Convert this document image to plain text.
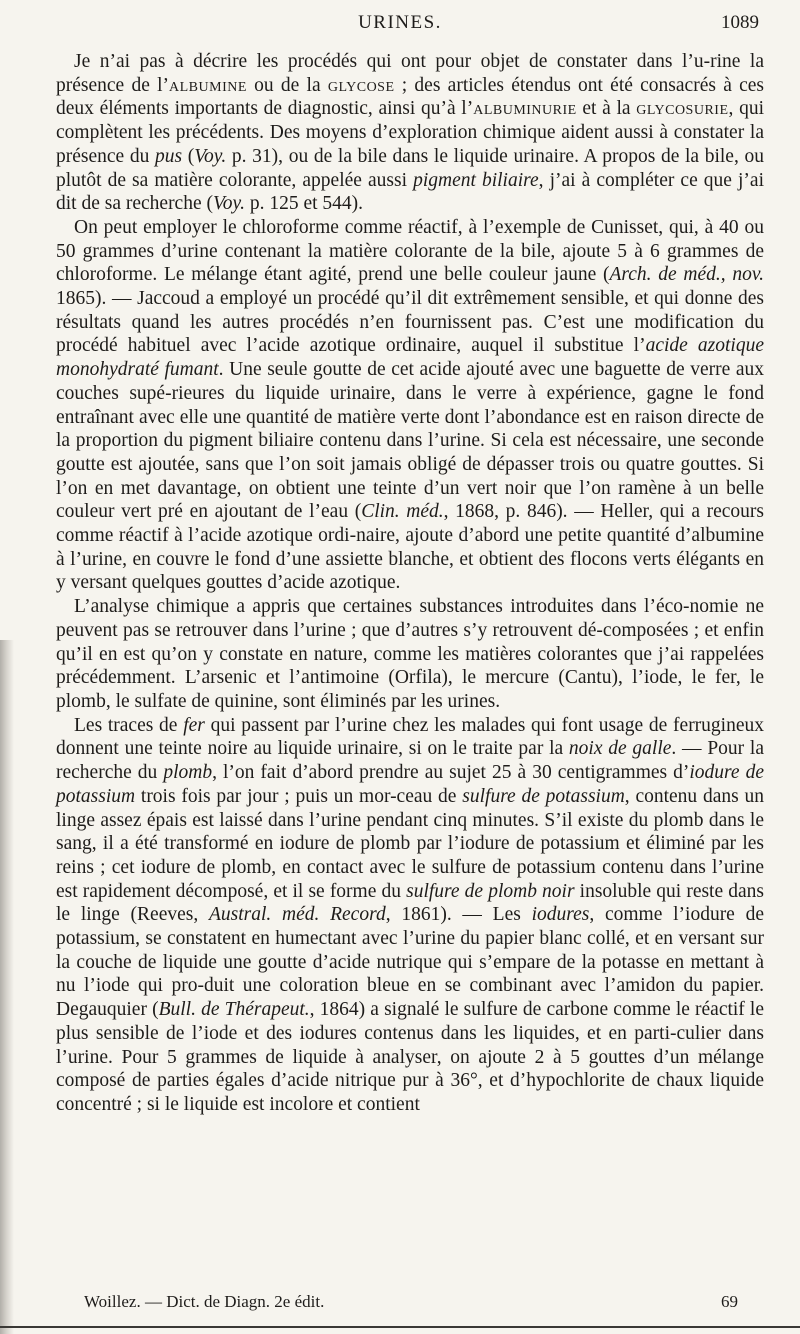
URINES.	1089

Je n’ai pas à décrire les procédés qui ont pour objet de constater dans l’u-rine la présence de l’albumine ou de la glycose ; des articles étendus ont été consacrés à ces deux éléments importants de diagnostic, ainsi qu’à l’albuminurie et à la glycosurie, qui complètent les précédents. Des moyens d’exploration chimique aident aussi à constater la présence du pus (Voy. p. 31), ou de la bile dans le liquide urinaire. A propos de la bile, ou plutôt de sa matière colorante, appelée aussi pigment biliaire, j’ai à compléter ce que j’ai dit de sa recherche (Voy. p. 125 et 544).

On peut employer le chloroforme comme réactif, à l’exemple de Cunisset, qui, à 40 ou 50 grammes d’urine contenant la matière colorante de la bile, ajoute 5 à 6 grammes de chloroforme. Le mélange étant agité, prend une belle couleur jaune (Arch. de méd., nov. 1865). — Jaccoud a employé un procédé qu’il dit extrêmement sensible, et qui donne des résultats quand les autres procédés n’en fournissent pas. C’est une modification du procédé habituel avec l’acide azotique ordinaire, auquel il substitue l’acide azotique monohydraté fumant. Une seule goutte de cet acide ajouté avec une baguette de verre aux couches supé-rieures du liquide urinaire, dans le verre à expérience, gagne le fond entraînant avec elle une quantité de matière verte dont l’abondance est en raison directe de la proportion du pigment biliaire contenu dans l’urine. Si cela est nécessaire, une seconde goutte est ajoutée, sans que l’on soit jamais obligé de dépasser trois ou quatre gouttes. Si l’on en met davantage, on obtient une teinte d’un vert noir que l’on ramène à un belle couleur vert pré en ajoutant de l’eau (Clin. méd., 1868, p. 846). — Heller, qui a recours comme réactif à l’acide azotique ordi-naire, ajoute d’abord une petite quantité d’albumine à l’urine, en couvre le fond d’une assiette blanche, et obtient des flocons verts élégants en y versant quelques gouttes d’acide azotique.

L’analyse chimique a appris que certaines substances introduites dans l’éco-nomie ne peuvent pas se retrouver dans l’urine ; que d’autres s’y retrouvent dé-composées ; et enfin qu’il en est qu’on y constate en nature, comme les matières colorantes que j’ai rappelées précédemment. L’arsenic et l’antimoine (Orfila), le mercure (Cantu), l’iode, le fer, le plomb, le sulfate de quinine, sont éliminés par les urines.

Les traces de fer qui passent par l’urine chez les malades qui font usage de ferrugineux donnent une teinte noire au liquide urinaire, si on le traite par la noix de galle. — Pour la recherche du plomb, l’on fait d’abord prendre au sujet 25 à 30 centigrammes d’iodure de potassium trois fois par jour ; puis un mor-ceau de sulfure de potassium, contenu dans un linge assez épais est laissé dans l’urine pendant cinq minutes. S’il existe du plomb dans le sang, il a été transformé en iodure de plomb par l’iodure de potassium et éliminé par les reins ; cet iodure de plomb, en contact avec le sulfure de potassium contenu dans l’urine est rapidement décomposé, et il se forme du sulfure de plomb noir insoluble qui reste dans le linge (Reeves, Austral. méd. Record, 1861). — Les iodures, comme l’iodure de potassium, se constatent en humectant avec l’urine du papier blanc collé, et en versant sur la couche de liquide une goutte d’acide nutrique qui s’empare de la potasse en mettant à nu l’iode qui pro-duit une coloration bleue en se combinant avec l’amidon du papier. Degauquier (Bull. de Thérapeut., 1864) a signalé le sulfure de carbone comme le réactif le plus sensible de l’iode et des iodures contenus dans les liquides, et en parti-culier dans l’urine. Pour 5 grammes de liquide à analyser, on ajoute 2 à 5 gouttes d’un mélange composé de parties égales d’acide nitrique pur à 36°, et d’hypochlorite de chaux liquide concentré ; si le liquide est incolore et contient

Woillez. — Dict. de Diagn. 2e édit.	69
